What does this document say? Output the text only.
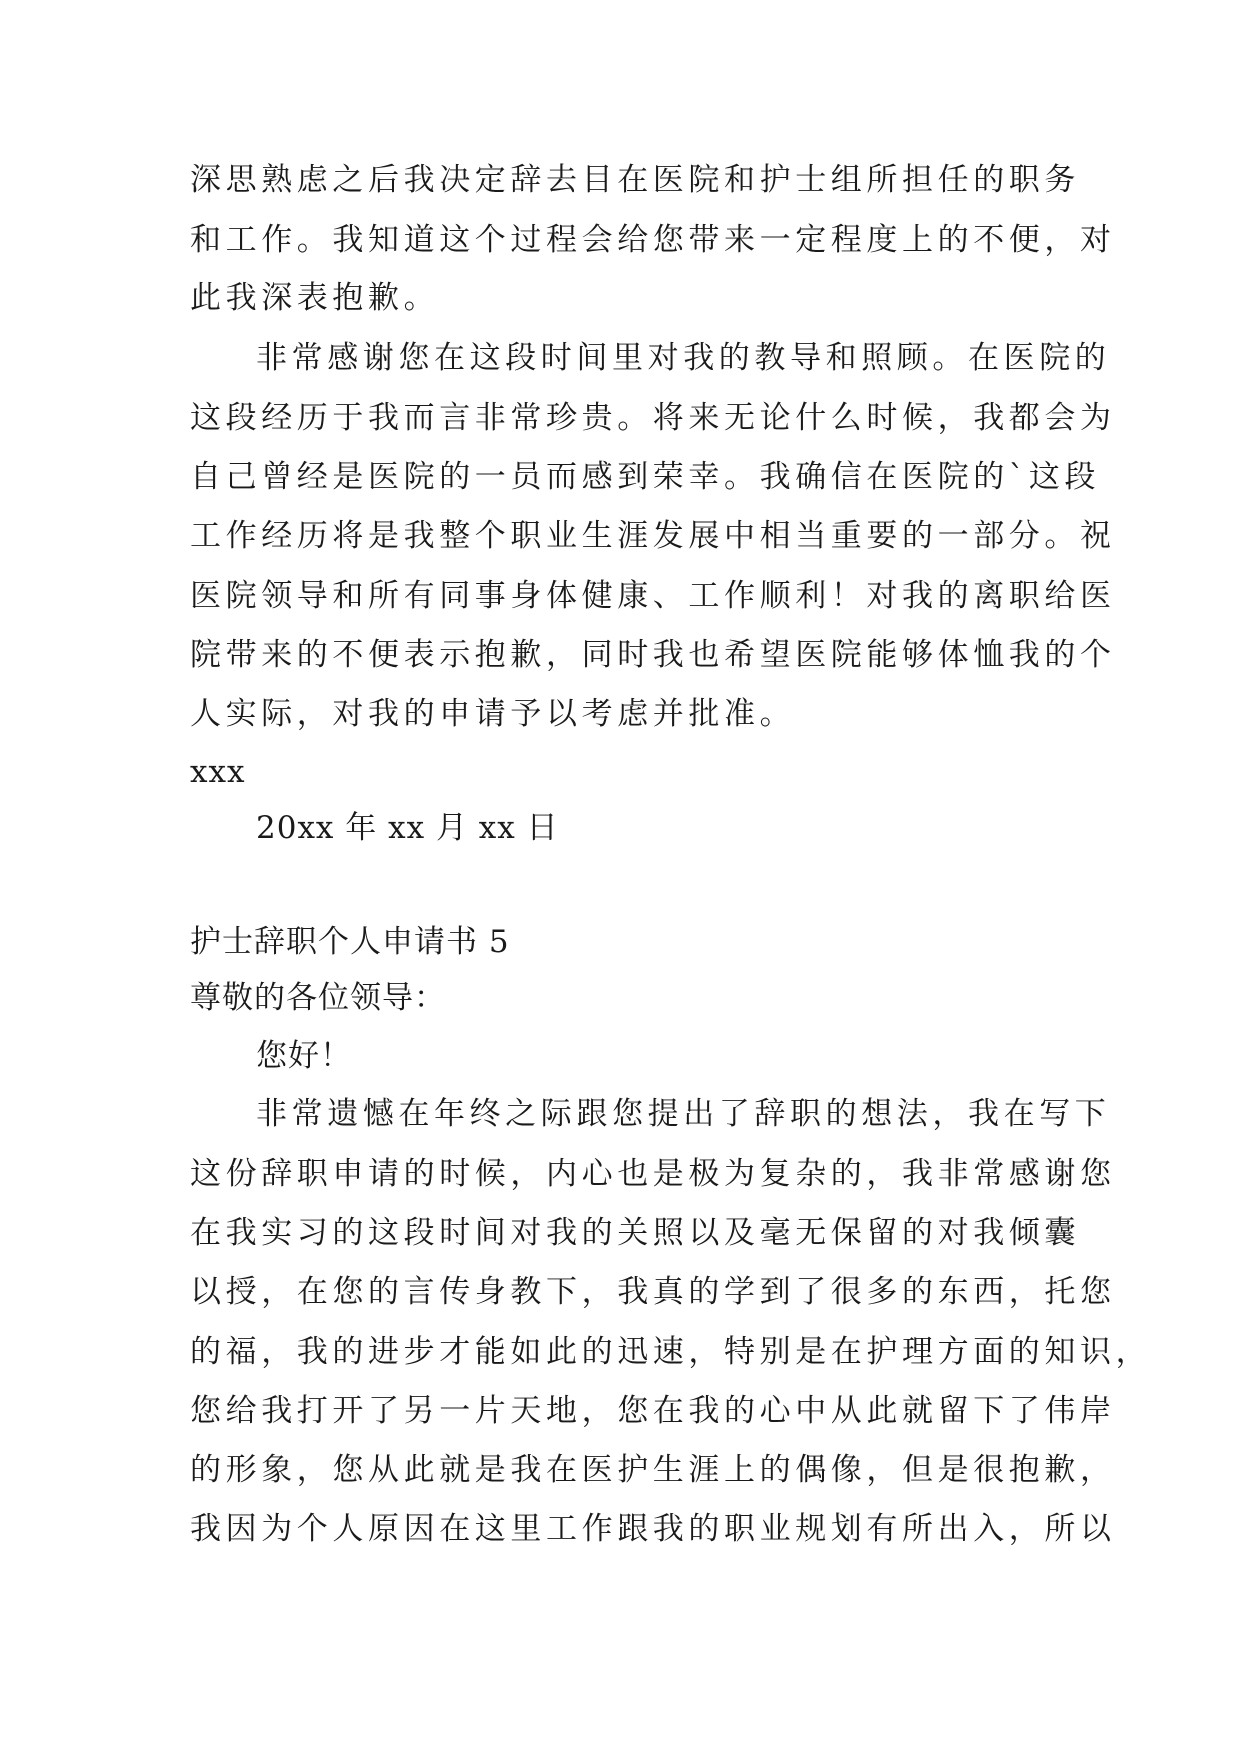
深思熟虑之后我决定辞去目在医院和护士组所担任的职务
和工作。我知道这个过程会给您带来一定程度上的不便，对
此我深表抱歉。
非常感谢您在这段时间里对我的教导和照顾。在医院的
这段经历于我而言非常珍贵。将来无论什么时候，我都会为
自己曾经是医院的一员而感到荣幸。我确信在医院的`这段
工作经历将是我整个职业生涯发展中相当重要的一部分。祝
医院领导和所有同事身体健康、工作顺利！对我的离职给医
院带来的不便表示抱歉，同时我也希望医院能够体恤我的个
人实际，对我的申请予以考虑并批准。
xxx
20xx 年 xx 月 xx 日
护士辞职个人申请书 5
尊敬的各位领导：
您好！
非常遗憾在年终之际跟您提出了辞职的想法，我在写下
这份辞职申请的时候，内心也是极为复杂的，我非常感谢您
在我实习的这段时间对我的关照以及毫无保留的对我倾囊
以授，在您的言传身教下，我真的学到了很多的东西，托您
的福，我的进步才能如此的迅速，特别是在护理方面的知识，
您给我打开了另一片天地，您在我的心中从此就留下了伟岸
的形象，您从此就是我在医护生涯上的偶像，但是很抱歉，
我因为个人原因在这里工作跟我的职业规划有所出入，所以
